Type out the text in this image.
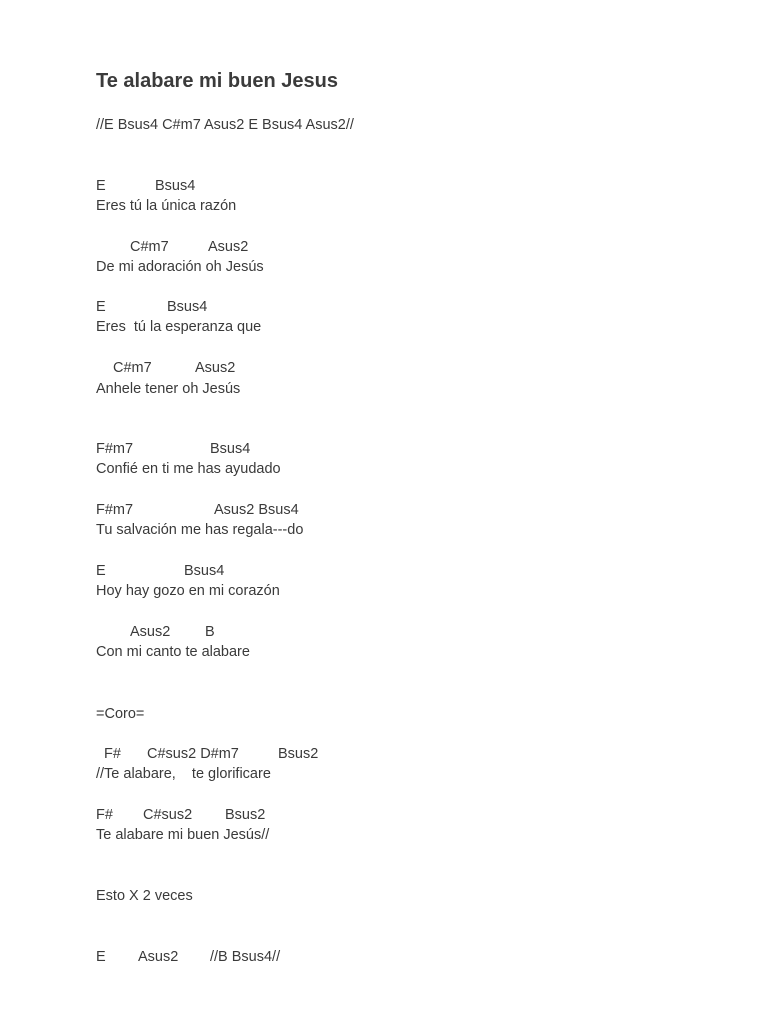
Te alabare mi buen Jesus
//E Bsus4 C#m7 Asus2 E Bsus4 Asus2//
E	Bsus4
Eres tú la única razón
C#m7	Asus2
De mi adoración oh Jesús
E	Bsus4
Eres  tú la esperanza que
C#m7	Asus2
Anhele tener oh Jesús
F#m7	Bsus4
Confié en ti me has ayudado
F#m7	Asus2 Bsus4
Tu salvación me has regala---do
E	Bsus4
Hoy hay gozo en mi corazón
Asus2 B
Con mi canto te alabare
=Coro=
F# C#sus2 D#m7	Bsus2
//Te alabare,    te glorificare
F# C#sus2 Bsus2
Te alabare mi buen Jesús//
Esto X 2 veces
E Asus2 //B Bsus4//
